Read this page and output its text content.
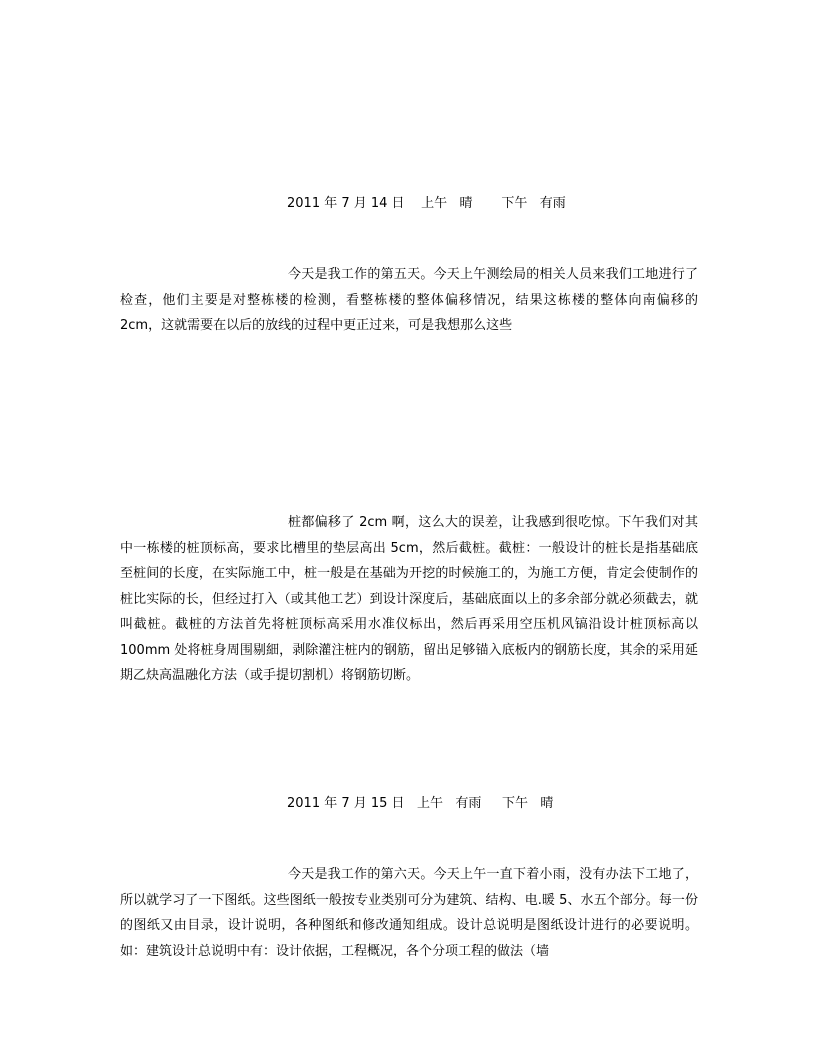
2011 年 7 月 14 日    上午   晴       下午   有雨

今天是我工作的第五天。今天上午测绘局的相关人员来我们工地进行了检查，他们主要是对整栋楼的检测，看整栋楼的整体偏移情况，结果这栋楼的整体向南偏移的 2cm，这就需要在以后的放线的过程中更正过来，可是我想那么这些

桩都偏移了 2cm 啊，这么大的误差，让我感到很吃惊。下午我们对其中一栋楼的桩顶标高，要求比槽里的垫层高出 5cm，然后截桩。截桩：一般设计的桩长是指基础底至桩间的长度，在实际施工中，桩一般是在基础为开挖的时候施工的，为施工方便，肯定会使制作的桩比实际的长，但经过打入（或其他工艺）到设计深度后，基础底面以上的多余部分就必须截去，就叫截桩。截桩的方法首先将桩顶标高采用水准仪标出，然后再采用空压机风镐沿设计桩顶标高以 100mm 处将桩身周围剔細，剥除灌注桩内的钢筋，留出足够锚入底板内的钢筋长度，其余的采用延期乙炔高温融化方法（或手提切割机）将钢筋切断。

2011 年 7 月 15 日   上午   有雨     下午   晴

今天是我工作的第六天。今天上午一直下着小雨，没有办法下工地了，所以就学习了一下图纸。这些图纸一般按专业类别可分为建筑、结构、电.暖 5、水五个部分。每一份的图纸又由目录，设计说明，各种图纸和修改通知组成。设计总说明是图纸设计进行的必要说明。如：建筑设计总说明中有：设计依据，工程概况，各个分项工程的做法（墙
